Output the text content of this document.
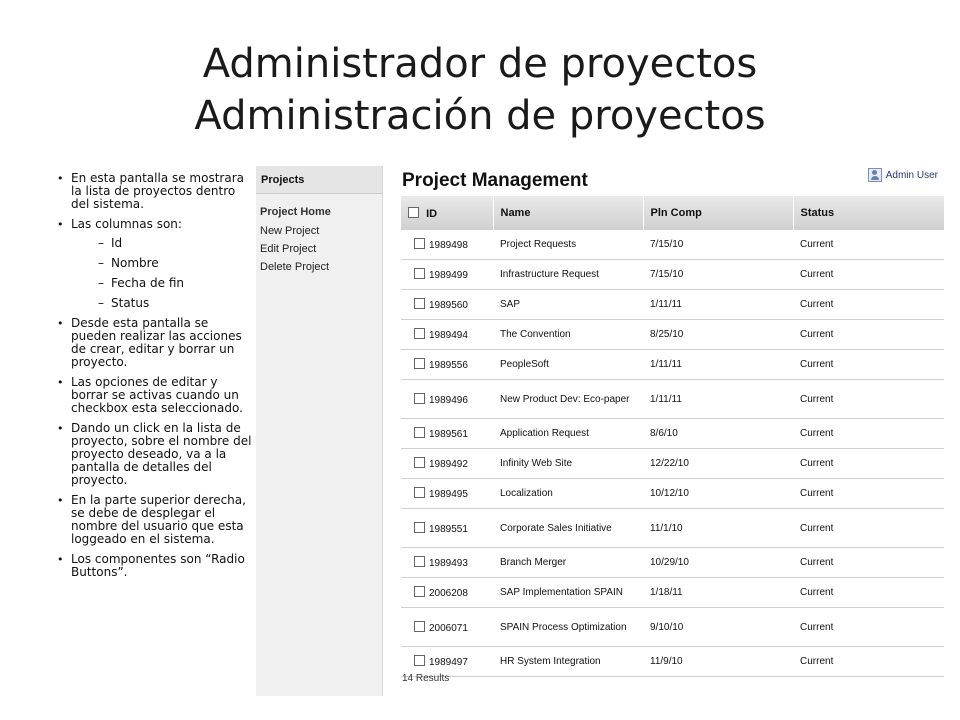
Administrador de proyectos
Administración de proyectos
• En esta pantalla se mostrara la lista de proyectos dentro del sistema.
• Las columnas son:
– Id
– Nombre
– Fecha de fin
– Status
• Desde esta pantalla se pueden realizar las acciones de crear, editar y borrar un proyecto.
• Las opciones de editar y borrar se activas cuando un checkbox esta seleccionado.
• Dando un click en la lista de proyecto, sobre el nombre del proyecto deseado, va a la pantalla de detalles del proyecto.
• En la parte superior derecha, se debe de desplegar el nombre del usuario que esta loggeado en el sistema.
• Los componentes son “Radio Buttons”.
Projects
Project Home
New Project
Edit Project
Delete Project
Project Management	Admin User
ID	Name	Pln Comp	Status
1989498	Project Requests	7/15/10	Current
1989499	Infrastructure Request	7/15/10	Current
1989560	SAP	1/11/11	Current
1989494	The Convention	8/25/10	Current
1989556	PeopleSoft	1/11/11	Current
1989496	New Product Dev: Eco-paper	1/11/11	Current
1989561	Application Request	8/6/10	Current
1989492	Infinity Web Site	12/22/10	Current
1989495	Localization	10/12/10	Current
1989551	Corporate Sales Initiative	11/1/10	Current
1989493	Branch Merger	10/29/10	Current
2006208	SAP Implementation SPAIN	1/18/11	Current
2006071	SPAIN Process Optimization	9/10/10	Current
1989497	HR System Integration	11/9/10	Current
14 Results
